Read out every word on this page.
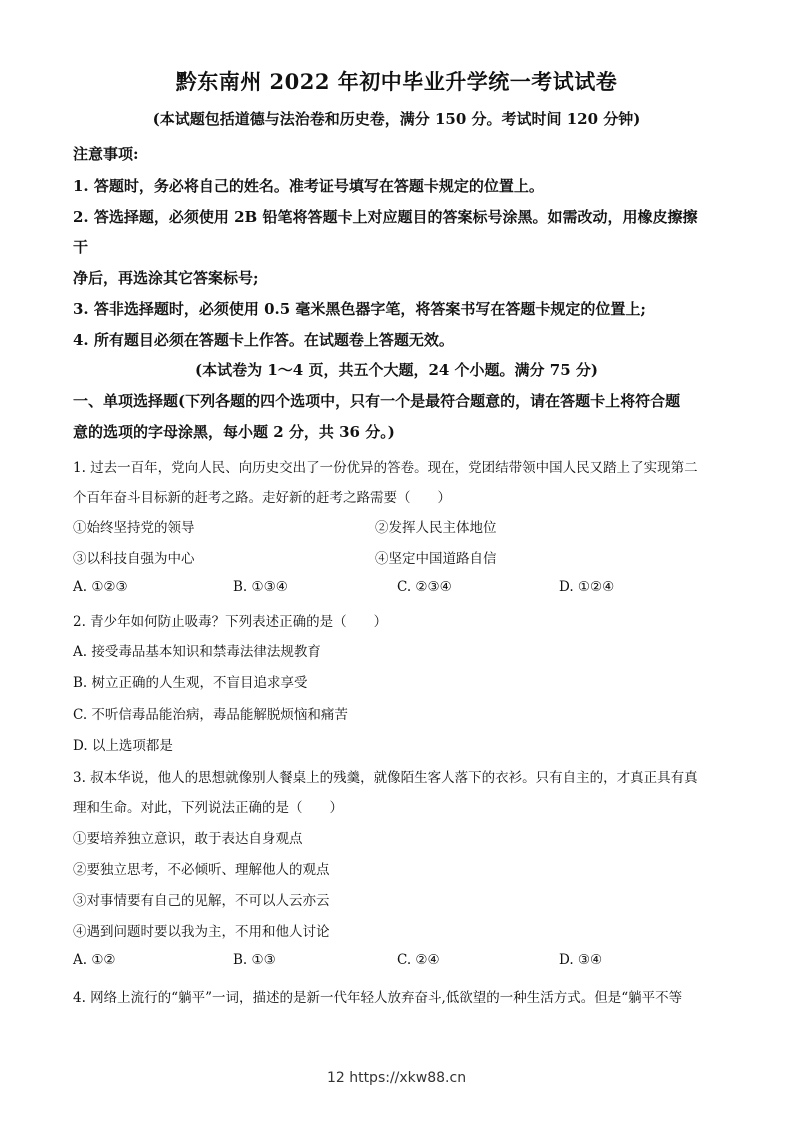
黔东南州 2022 年初中毕业升学统一考试试卷
(本试题包括道德与法治卷和历史卷，满分 150 分。考试时间 120 分钟)
注意事项:
1. 答题时，务必将自己的姓名。准考证号填写在答题卡规定的位置上。
2. 答选择题，必须使用 2B 铅笔将答题卡上对应题目的答案标号涂黑。如需改动，用橡皮擦擦
干
净后，再选涂其它答案标号;
3. 答非选择题时，必须使用 0.5 毫米黑色器字笔，将答案书写在答题卡规定的位置上;
4. 所有题目必须在答题卡上作答。在试题卷上答题无效。
(本试卷为 1～4 页，共五个大题，24 个小题。满分 75 分)
一、单项选择题(下列各题的四个选项中，只有一个是最符合题意的，请在答题卡上将符合题
意的选项的字母涂黑，每小题 2 分，共 36 分。)
1. 过去一百年，党向人民、向历史交出了一份优异的答卷。现在，党团结带领中国人民又踏上了实现第二
个百年奋斗目标新的赶考之路。走好新的赶考之路需要（　　）
①始终坚持党的领导	②发挥人民主体地位
③以科技自强为中心	④坚定中国道路自信
A. ①②③	B. ①③④	C. ②③④	D. ①②④
2. 青少年如何防止吸毒？下列表述正确的是（　　）
A. 接受毒品基本知识和禁毒法律法规教育
B. 树立正确的人生观，不盲目追求享受
C. 不听信毒品能治病，毒品能解脱烦恼和痛苦
D. 以上选项都是
3. 叔本华说，他人的思想就像别人餐桌上的残羹，就像陌生客人落下的衣衫。只有自主的，才真正具有真
理和生命。对此，下列说法正确的是（　　）
①要培养独立意识，敢于表达自身观点
②要独立思考，不必倾听、理解他人的观点
③对事情要有自己的见解，不可以人云亦云
④遇到问题时要以我为主，不用和他人讨论
A. ①②	B. ①③	C. ②④	D. ③④
4. 网络上流行的“躺平”一词，描述的是新一代年轻人放弃奋斗,低欲望的一种生活方式。但是“躺平不等
12 https://xkw88.cn
